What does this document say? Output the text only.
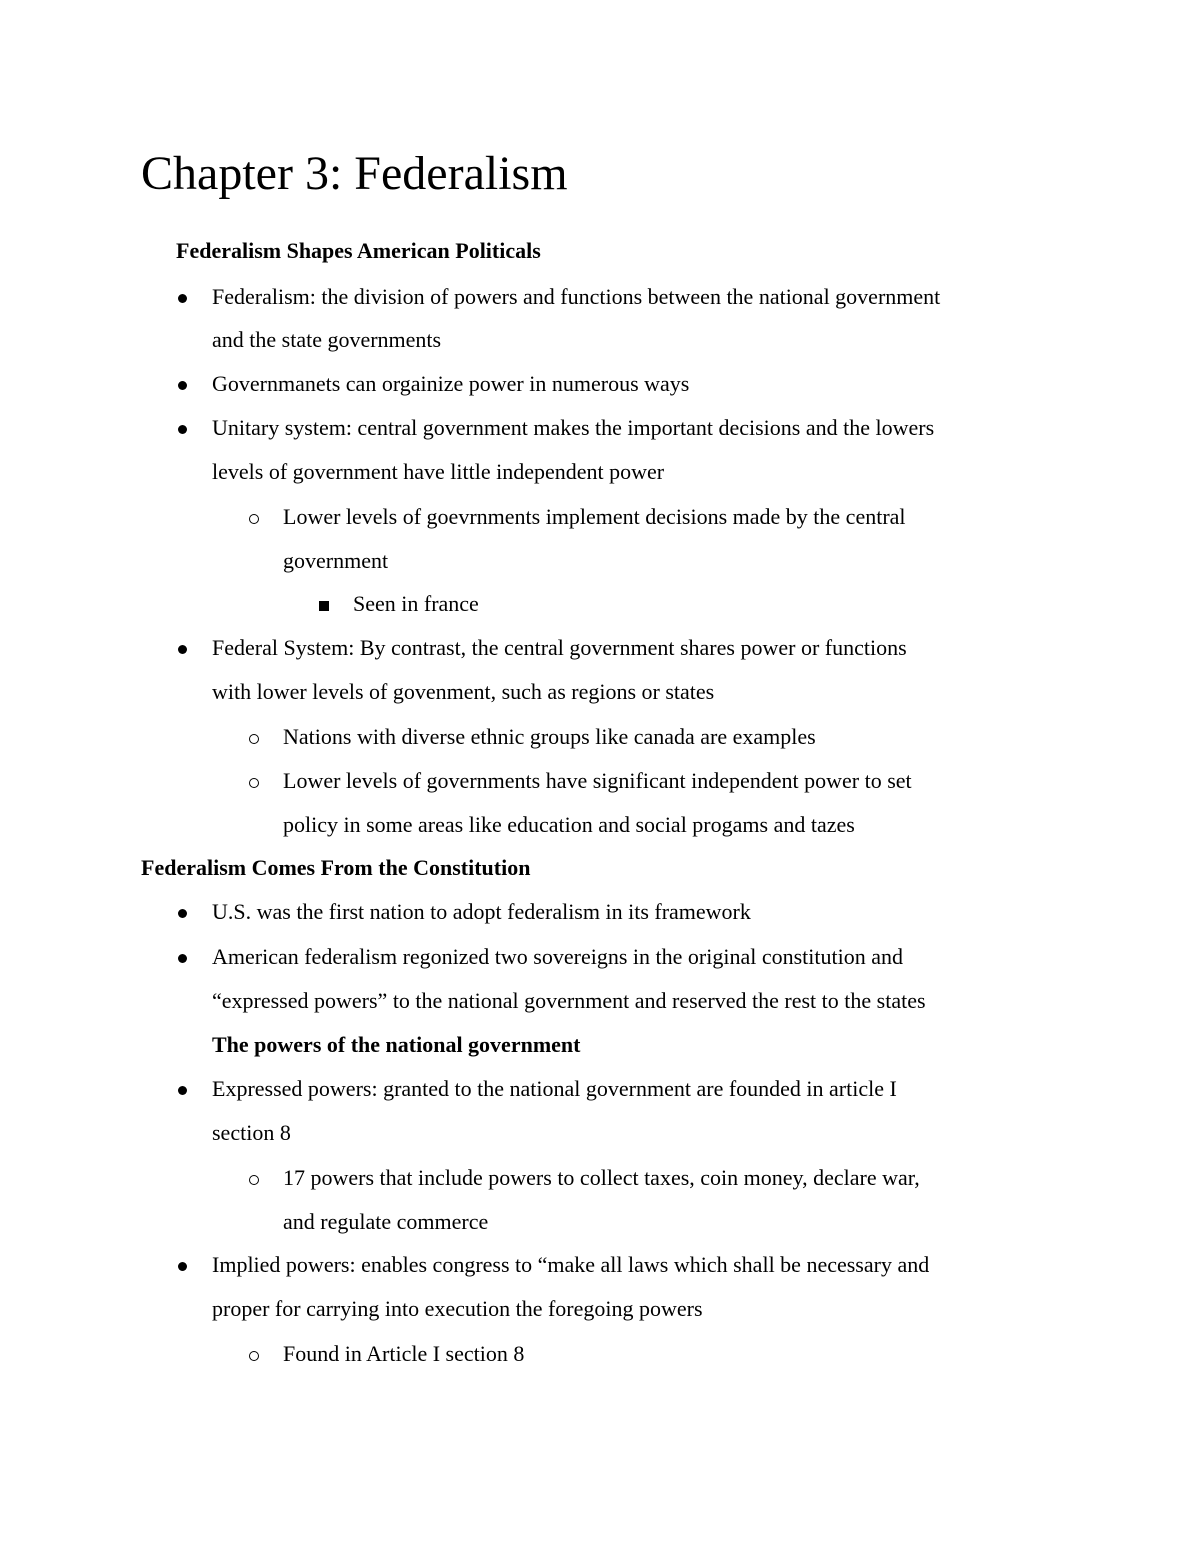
Chapter 3: Federalism
Federalism Shapes American Politicals
Federalism: the division of powers and functions between the national government
and the state governments
Governmanets can orgainize power in numerous ways
Unitary system: central government makes the important decisions and the lowers
levels of government have little independent power
Lower levels of goevrnments implement decisions made by the central
government
Seen in france
Federal System: By contrast, the central government shares power or functions
with lower levels of govenment, such as regions or states
Nations with diverse ethnic groups like canada are examples
Lower levels of governments have significant independent power to set
policy in some areas like education and social progams and tazes
Federalism Comes From the Constitution
U.S. was the first nation to adopt federalism in its framework
American federalism regonized two sovereigns in the original constitution and
“expressed powers” to the national government and reserved the rest to the states
The powers of the national government
Expressed powers: granted to the national government are founded in article I
section 8
17 powers that include powers to collect taxes, coin money, declare war,
and regulate commerce
Implied powers: enables congress to “make all laws which shall be necessary and
proper for carrying into execution the foregoing powers
Found in Article I section 8
